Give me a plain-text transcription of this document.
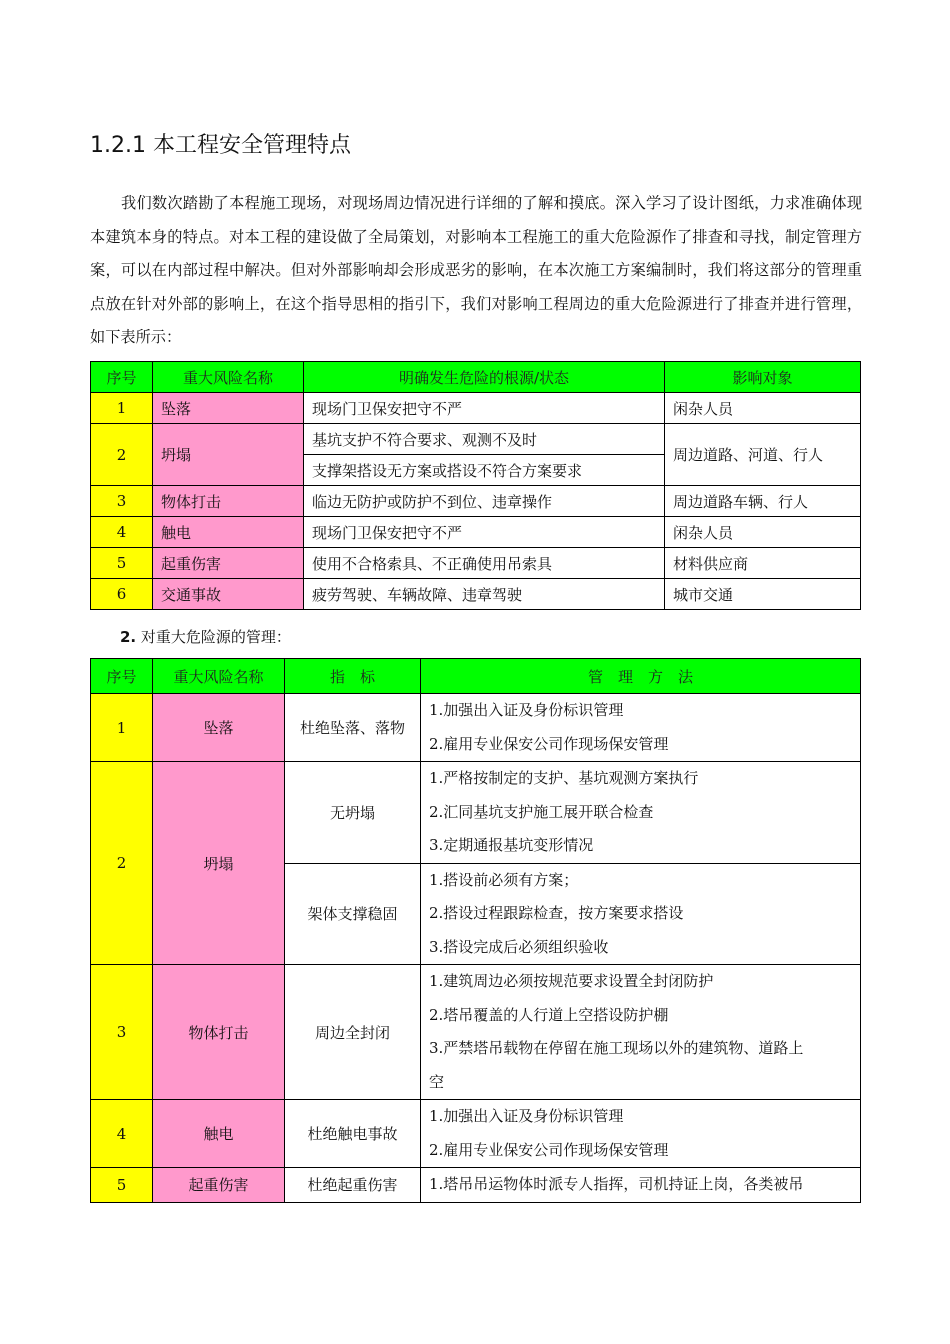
1.2.1 本工程安全管理特点

我们数次踏勘了本程施工现场，对现场周边情况进行详细的了解和摸底。深入学习了设计图纸，力求准确体现本建筑本身的特点。对本工程的建设做了全局策划，对影响本工程施工的重大危险源作了排查和寻找，制定管理方案，可以在内部过程中解决。但对外部影响却会形成恶劣的影响，在本次施工方案编制时，我们将这部分的管理重点放在针对外部的影响上，在这个指导思相的指引下，我们对影响工程周边的重大危险源进行了排查并进行管理，如下表所示：

序号	重大风险名称	明确发生危险的根源/状态	影响对象
1	坠落	现场门卫保安把守不严	闲杂人员
2	坍塌	基坑支护不符合要求、观测不及时	周边道路、河道、行人
		支撑架搭设无方案或搭设不符合方案要求	
3	物体打击	临边无防护或防护不到位、违章操作	周边道路车辆、行人
4	触电	现场门卫保安把守不严	闲杂人员
5	起重伤害	使用不合格索具、不正确使用吊索具	材料供应商
6	交通事故	疲劳驾驶、车辆故障、违章驾驶	城市交通
2. 对重大危险源的管理：
序号	重大风险名称	指　标	管　理　方　法
1	坠落	杜绝坠落、落物	1.加强出入证及身份标识管理
2.雇用专业保安公司作现场保安管理

2	坍塌	无坍塌	1.严格按制定的支护、基坑观测方案执行
2.汇同基坑支护施工展开联合检查
3.定期通报基坑变形情况

		架体支撑稳固	1.搭设前必须有方案；
2.搭设过程跟踪检查，按方案要求搭设
3.搭设完成后必须组织验收

3	物体打击	周边全封闭	1.建筑周边必须按规范要求设置全封闭防护
2.塔吊覆盖的人行道上空搭设防护棚
3.严禁塔吊载物在停留在施工现场以外的建筑物、道路上
空

4	触电	杜绝触电事故	1.加强出入证及身份标识管理
2.雇用专业保安公司作现场保安管理

5	起重伤害	杜绝起重伤害	1.塔吊吊运物体时派专人指挥，司机持证上岗，各类被吊
